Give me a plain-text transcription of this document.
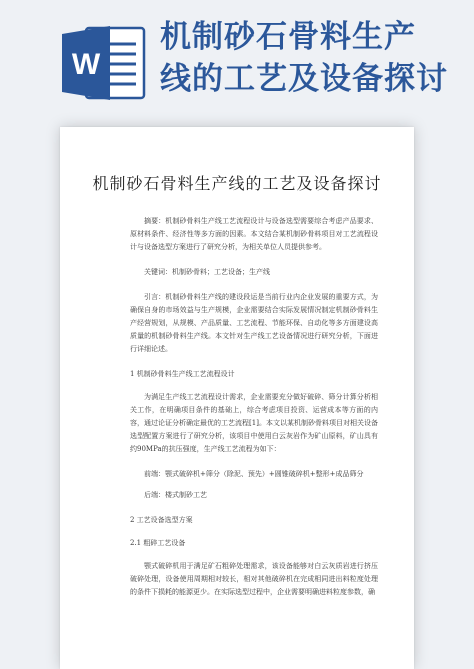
W
机制砂石骨料生产
线的工艺及设备探讨
机制砂石骨料生产线的工艺及设备探讨

摘要：机制砂骨料生产线工艺流程设计与设备选型需要综合考虑产品要求、原材料条件、经济性等多方面的因素。本文结合某机制砂骨料项目对工艺流程设计与设备选型方案进行了研究分析，为相关单位人员提供参考。

关键词：机制砂骨料；工艺设备；生产线

引言：机制砂骨料生产线的建设段运是当前行业内企业发展的重要方式，为确保自身的市场效益与生产规模，企业需要结合实际发展情况制定机制砂骨料生产经营规划，从规模、产品质量、工艺流程、节能环保、自动化等多方面建设高质量的机制砂骨料生产线。本文针对生产线工艺设备情况进行研究分析，下面进行详细论述。

1 机制砂骨料生产线工艺流程设计

为满足生产线工艺流程设计需求，企业需要充分做好破碎、筛分计算分析相关工作，在明确项目条件的基础上，综合考虑项目投资、运营成本等方面的内容，通过论证分析确定最优的工艺流程[1]。本文以某机制砂骨料项目对相关设备选型配置方案进行了研究分析，该项目中使用白云灰岩作为矿山原料，矿山具有约90MPa的抗压强度，生产线工艺流程为如下：

前端：颚式破碎机+筛分（除泥、预先）+圆锥破碎机+整形+成品筛分

后端：楼式制砂工艺

2 工艺设备选型方案

2.1 粗碎工艺设备

颚式破碎机用于满足矿石粗碎处理需求，该设备能够对白云灰质岩进行挤压破碎处理，设备使用周期相对较长，相对其他破碎机在完成相同进出料粒度处理的条件下损耗的能源更少。在实际选型过程中，企业需要明确进料粒度参数，确
